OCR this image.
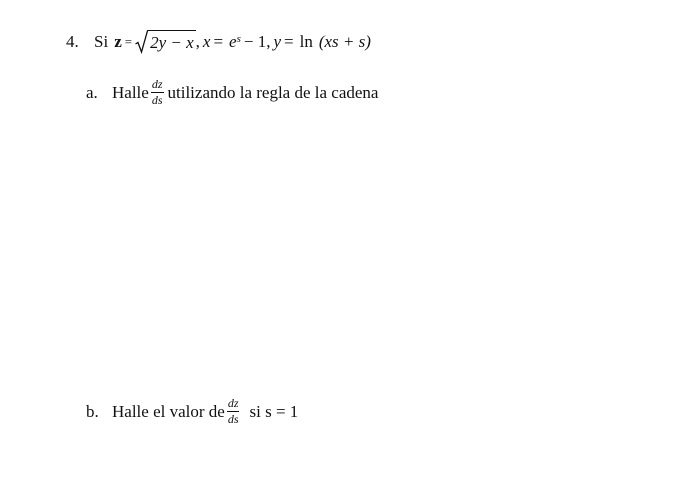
4. Si z = 2y − x , $x = e^s - 1$ , y = ln (xs + s)
a. Halle $\frac{dz}{ds}$ utilizando la regla de la cadena
b. Halle el valor de $\frac{dz}{ds}$ si s = 1
